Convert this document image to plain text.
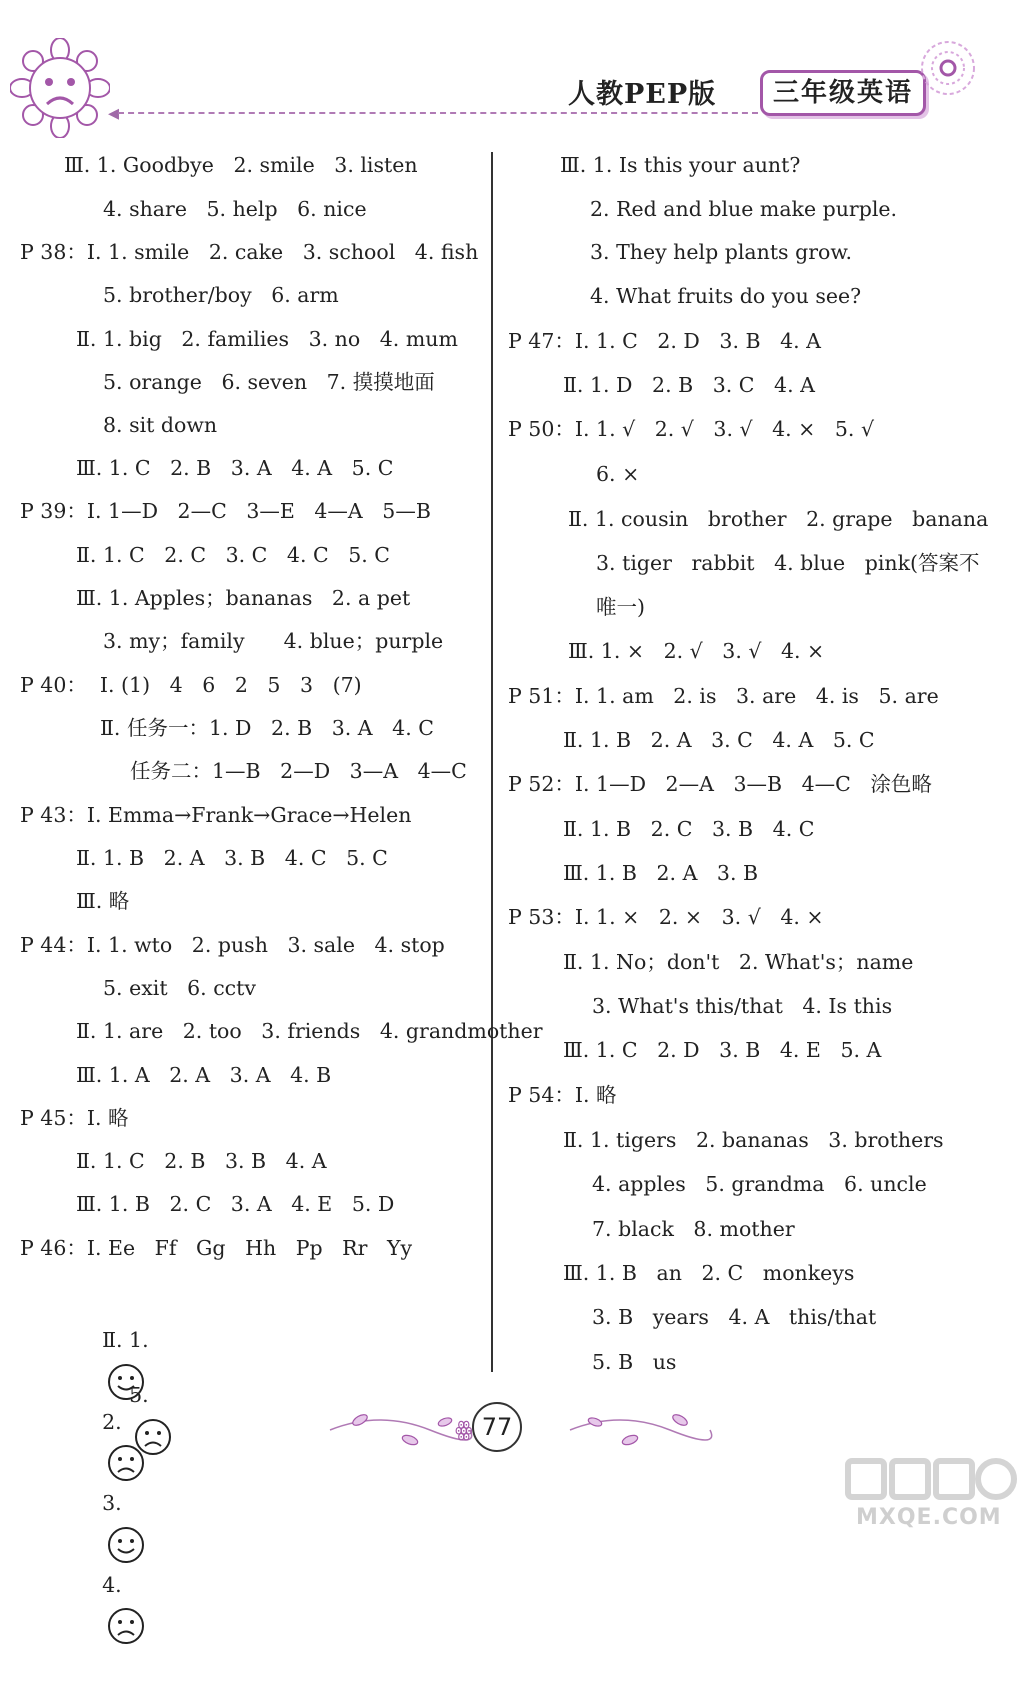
◂
人教PEP版	三年级英语
Ⅲ. 1. Goodbye   2. smile   3. listen
4. share   5. help   6. nice
P 38：Ⅰ. 1. smile   2. cake   3. school   4. fish
5. brother/boy   6. arm
Ⅱ. 1. big   2. families   3. no   4. mum
5. orange   6. seven   7. 摸摸地面
8. sit down
Ⅲ. 1. C   2. B   3. A   4. A   5. C
P 39：Ⅰ. 1—D   2—C   3—E   4—A   5—B
Ⅱ. 1. C   2. C   3. C   4. C   5. C
Ⅲ. 1. Apples；bananas   2. a pet
3. my；family      4. blue；purple
P 40：  Ⅰ. (1)   4   6   2   5   3   (7)
Ⅱ. 任务一：1. D   2. B   3. A   4. C
任务二：1—B   2—D   3—A   4—C
P 43：Ⅰ. Emma→Frank→Grace→Helen
Ⅱ. 1. B   2. A   3. B   4. C   5. C
Ⅲ. 略
P 44：Ⅰ. 1. wto   2. push   3. sale   4. stop
5. exit   6. cctv
Ⅱ. 1. are   2. too   3. friends   4. grandmother
Ⅲ. 1. A   2. A   3. A   4. B
P 45：Ⅰ. 略
Ⅱ. 1. C   2. B   3. B   4. A
Ⅲ. 1. B   2. C   3. A   4. E   5. D
P 46：Ⅰ. Ee   Ff   Gg   Hh   Pp   Rr   Yy

Ⅱ. 1.

2.

3.

4.

5.

Ⅲ. 1. Is this your aunt?
2. Red and blue make purple.
3. They help plants grow.
4. What fruits do you see?
P 47：Ⅰ. 1. C   2. D   3. B   4. A
Ⅱ. 1. D   2. B   3. C   4. A
P 50：Ⅰ. 1. √   2. √   3. √   4. ×   5. √
6. ×
Ⅱ. 1. cousin   brother   2. grape   banana
3. tiger   rabbit   4. blue   pink(答案不
唯一)
Ⅲ. 1. ×   2. √   3. √   4. ×
P 51：Ⅰ. 1. am   2. is   3. are   4. is   5. are
Ⅱ. 1. B   2. A   3. C   4. A   5. C
P 52：Ⅰ. 1—D   2—A   3—B   4—C   涂色略
Ⅱ. 1. B   2. C   3. B   4. C
Ⅲ. 1. B   2. A   3. B
P 53：Ⅰ. 1. ×   2. ×   3. √   4. ×
Ⅱ. 1. No；don't   2. What's；name
3. What's this/that   4. Is this
Ⅲ. 1. C   2. D   3. B   4. E   5. A
P 54：Ⅰ. 略
Ⅱ. 1. tigers   2. bananas   3. brothers
4. apples   5. grandma   6. uncle
7. black   8. mother
Ⅲ. 1. B   an   2. C   monkeys
3. B   years   4. A   this/that
5. B   us
ꙮ 77
MXQE.COM
